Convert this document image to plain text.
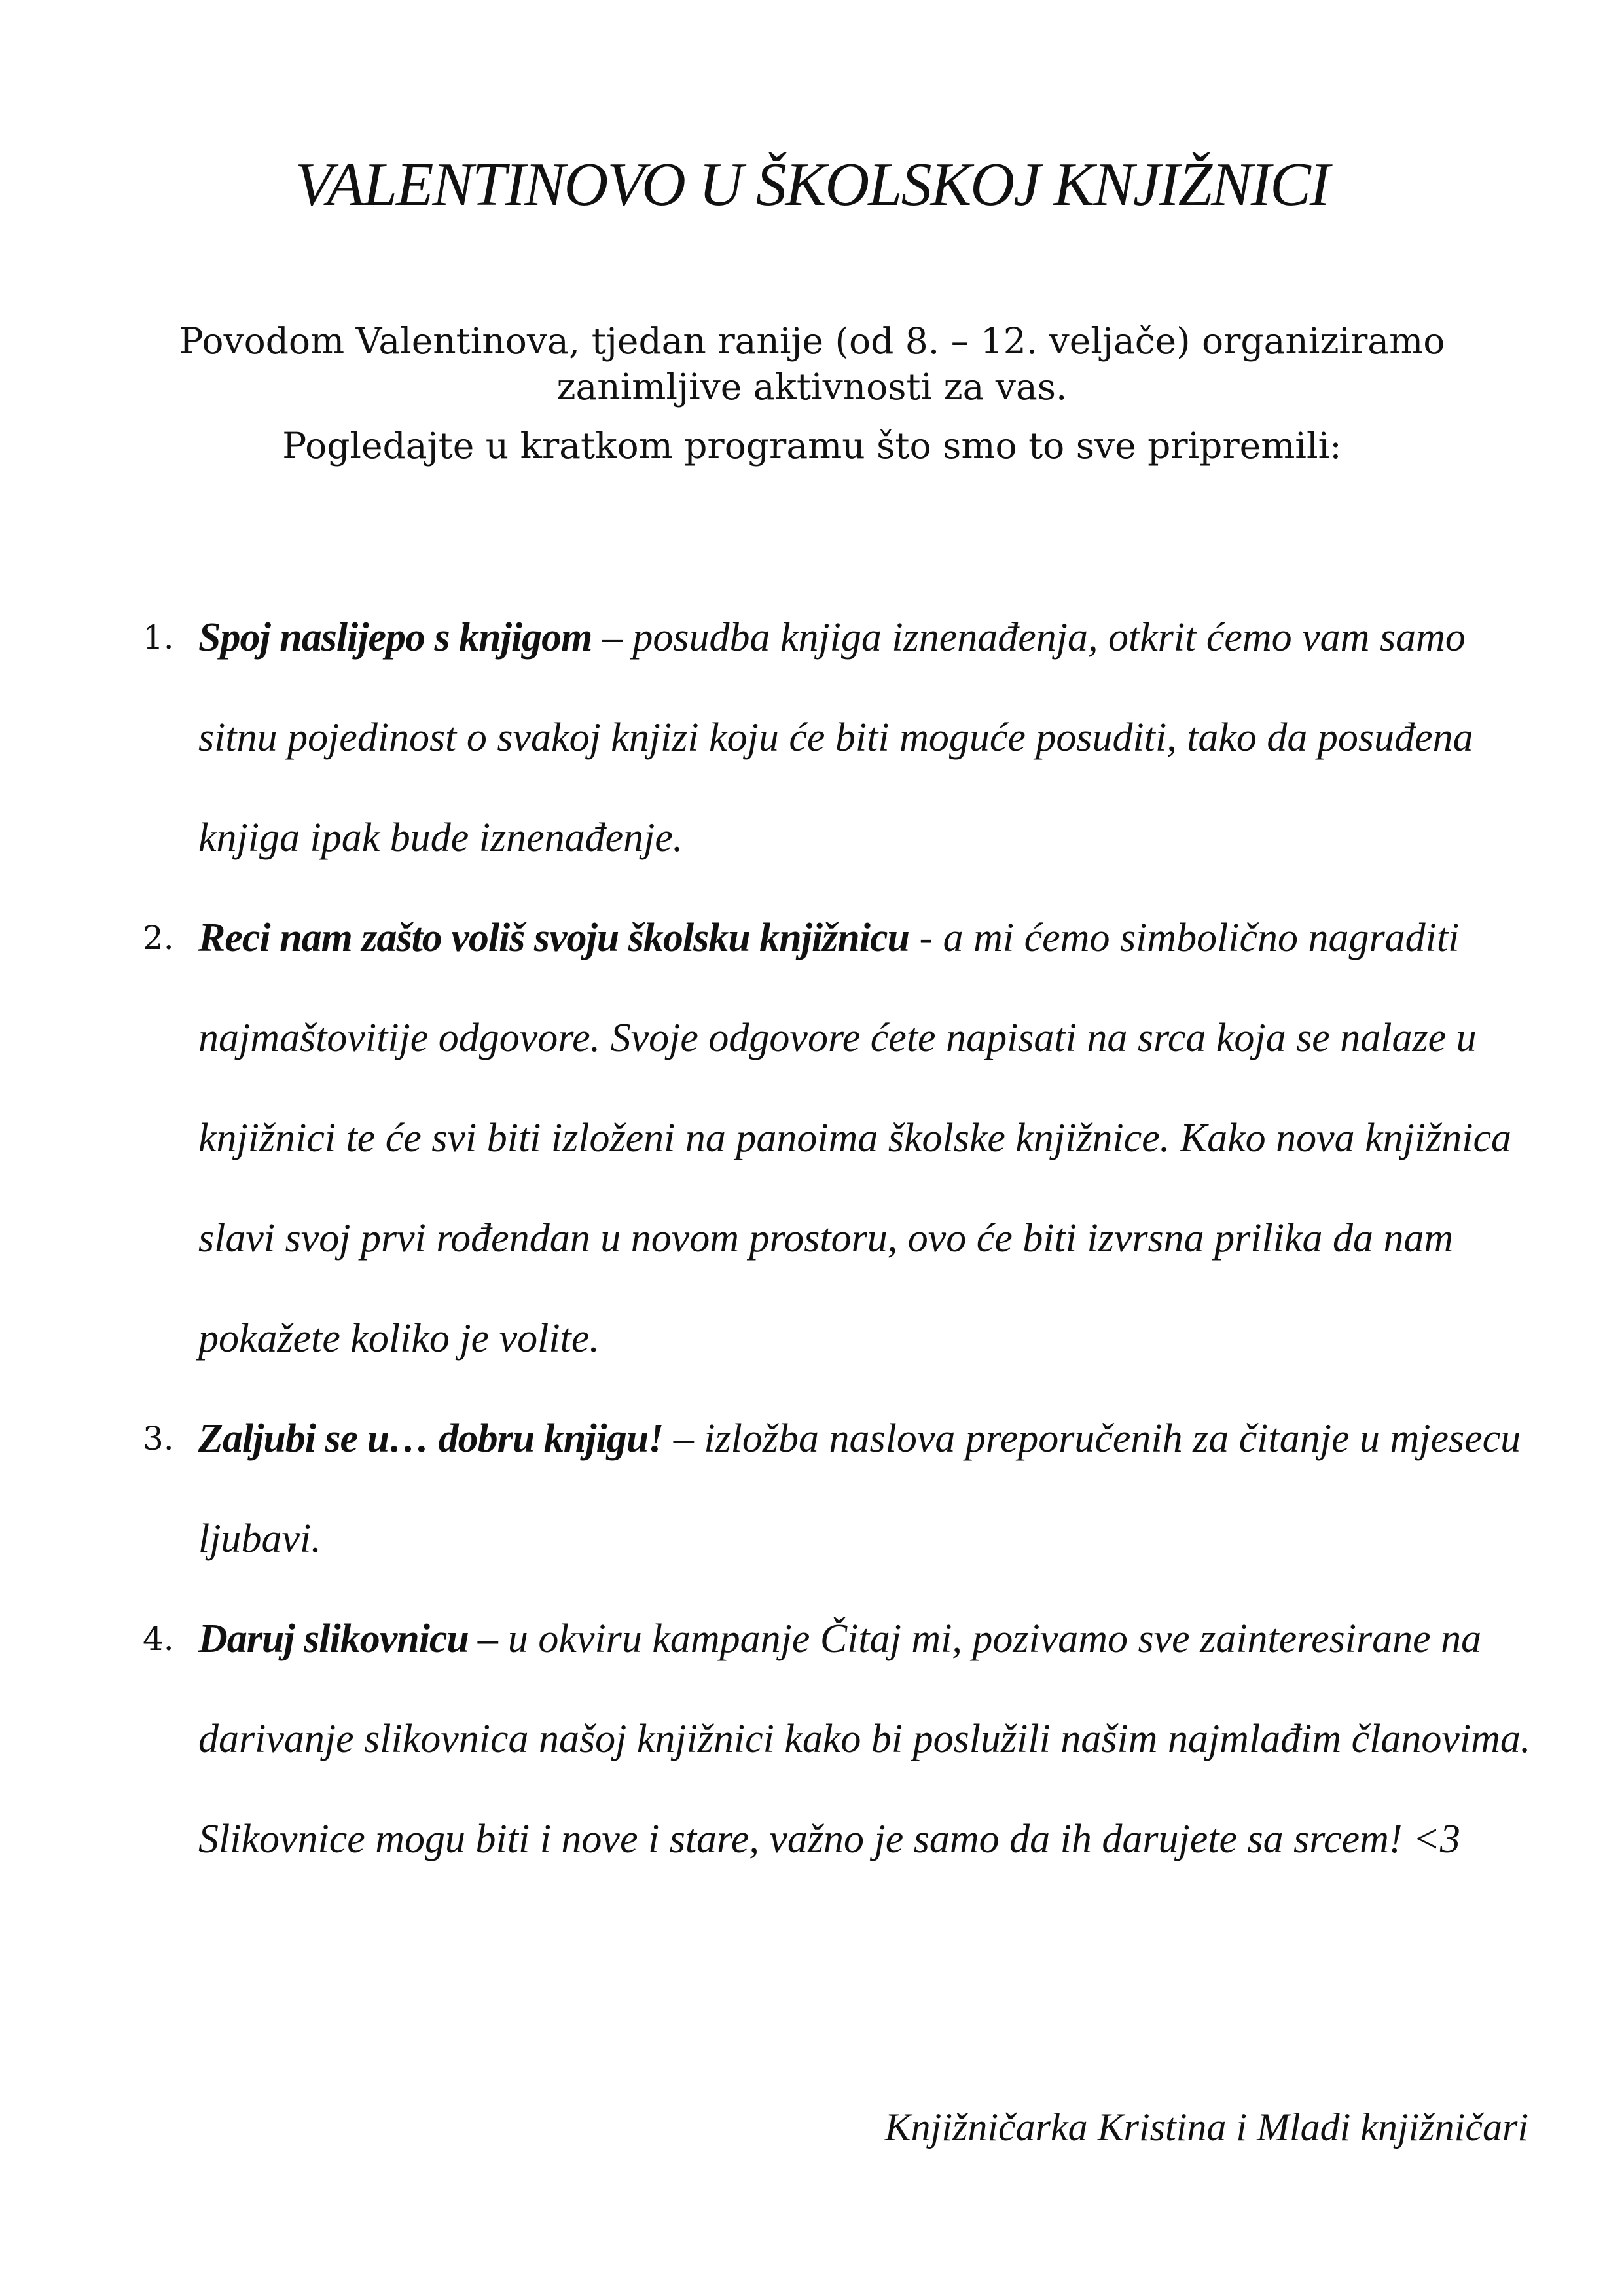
VALENTINOVO U ŠKOLSKOJ KNJIŽNICI

Povodom Valentinova, tjedan ranije (od 8. – 12. veljače) organiziramo zanimljive aktivnosti za vas.

Pogledajte u kratkom programu što smo to sve pripremili:

1. Spoj naslijepo s knjigom – posudba knjiga iznenađenja, otkrit ćemo vam samo sitnu pojedinost o svakoj knjizi koju će biti moguće posuditi, tako da posuđena knjiga ipak bude iznenađenje.
2. Reci nam zašto voliš svoju školsku knjižnicu - a mi ćemo simbolično nagraditi najmaštovitije odgovore. Svoje odgovore ćete napisati na srca koja se nalaze u knjižnici te će svi biti izloženi na panoima školske knjižnice. Kako nova knjižnica slavi svoj prvi rođendan u novom prostoru, ovo će biti izvrsna prilika da nam pokažete koliko je volite.
3. Zaljubi se u… dobru knjigu! – izložba naslova preporučenih za čitanje u mjesecu ljubavi.
4. Daruj slikovnicu – u okviru kampanje Čitaj mi, pozivamo sve zainteresirane na darivanje slikovnica našoj knjižnici kako bi poslužili našim najmlađim članovima. Slikovnice mogu biti i nove i stare, važno je samo da ih darujete sa srcem! <3
Knjižničarka Kristina i Mladi knjižničari
